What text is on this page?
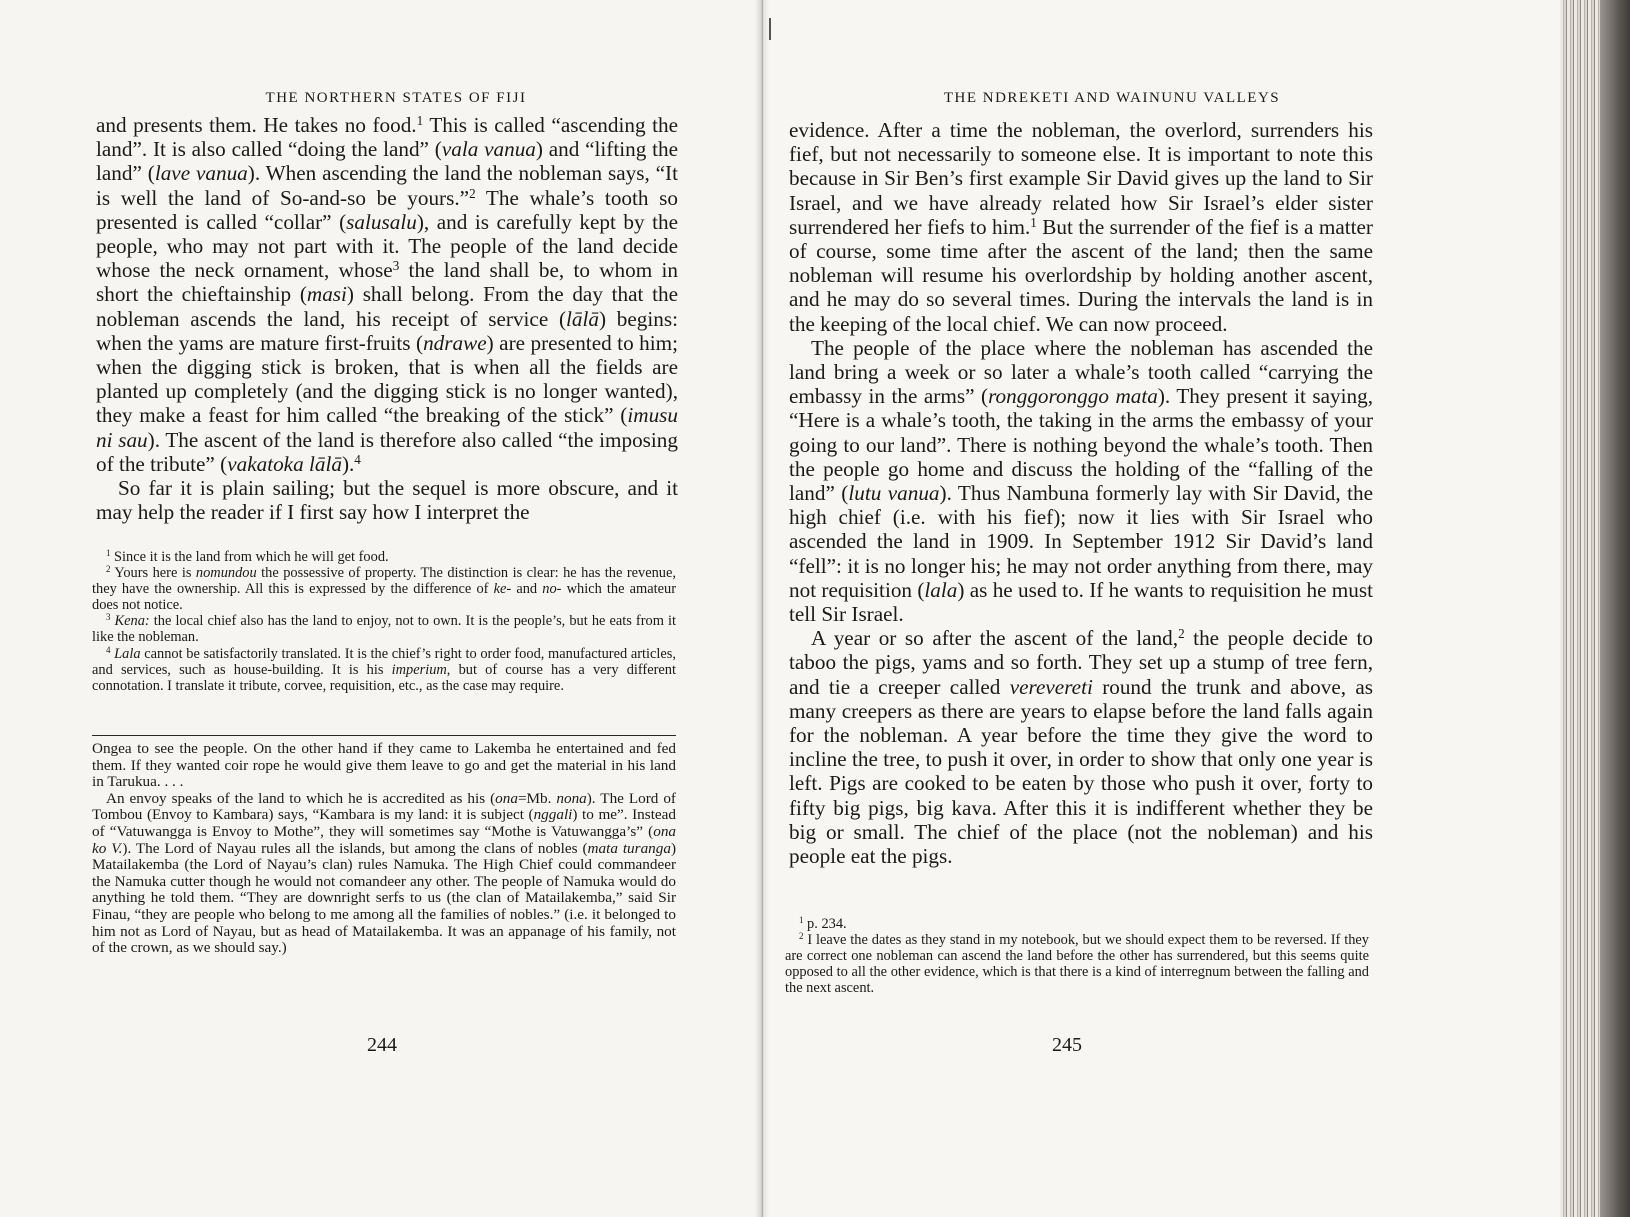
THE NORTHERN STATES OF FIJI

and presents them. He takes no food.$^1$ This is called “ascending the land”. It is also called “doing the land” (vala vanua) and “lifting the land” (lave vanua). When ascending the land the nobleman says, “It is well the land of So-and-so be yours.”$^2$ The whale’s tooth so presented is called “collar” (salusalu), and is carefully kept by the people, who may not part with it. The people of the land decide whose the neck ornament, whose$^3$ the land shall be, to whom in short the chieftainship (masi) shall belong. From the day that the nobleman ascends the land, his receipt of service (lālā) begins: when the yams are mature first-fruits (ndrawe) are presented to him; when the digging stick is broken, that is when all the fields are planted up completely (and the digging stick is no longer wanted), they make a feast for him called “the breaking of the stick” (imusu ni sau). The ascent of the land is therefore also called “the imposing of the tribute” (vakatoka lālā).$^4$

So far it is plain sailing; but the sequel is more obscure, and it may help the reader if I first say how I interpret the

$^1$ Since it is the land from which he will get food.

$^2$ Yours here is nomundou the possessive of property. The distinction is clear: he has the revenue, they have the ownership. All this is expressed by the difference of ke- and no- which the amateur does not notice.

$^3$ Kena: the local chief also has the land to enjoy, not to own. It is the people’s, but he eats from it like the nobleman.

$^4$ Lala cannot be satisfactorily translated. It is the chief’s right to order food, manufactured articles, and services, such as house-building. It is his imperium, but of course has a very different connotation. I translate it tribute, corvee, requisition, etc., as the case may require.

Ongea to see the people. On the other hand if they came to Lakemba he entertained and fed them. If they wanted coir rope he would give them leave to go and get the material in his land in Tarukua. . . .

An envoy speaks of the land to which he is accredited as his (ona=Mb. nona). The Lord of Tombou (Envoy to Kambara) says, “Kambara is my land: it is subject (nggali) to me”. Instead of “Vatuwangga is Envoy to Mothe”, they will sometimes say “Mothe is Vatuwangga’s” (ona ko V.). The Lord of Nayau rules all the islands, but among the clans of nobles (mata turanga) Matailakemba (the Lord of Nayau’s clan) rules Namuka. The High Chief could commandeer the Namuka cutter though he would not comandeer any other. The people of Namuka would do anything he told them. “They are downright serfs to us (the clan of Matailakemba,” said Sir Finau, “they are people who belong to me among all the families of nobles.” (i.e. it belonged to him not as Lord of Nayau, but as head of Matailakemba. It was an appanage of his family, not of the crown, as we should say.)

244

THE NDREKETI AND WAINUNU VALLEYS

evidence. After a time the nobleman, the overlord, surrenders his fief, but not necessarily to someone else. It is important to note this because in Sir Ben’s first example Sir David gives up the land to Sir Israel, and we have already related how Sir Israel’s elder sister surrendered her fiefs to him.$^1$ But the surrender of the fief is a matter of course, some time after the ascent of the land; then the same nobleman will resume his overlordship by holding another ascent, and he may do so several times. During the intervals the land is in the keeping of the local chief. We can now proceed.

The people of the place where the nobleman has ascended the land bring a week or so later a whale’s tooth called “carrying the embassy in the arms” (ronggoronggo mata). They present it saying, “Here is a whale’s tooth, the taking in the arms the embassy of your going to our land”. There is nothing beyond the whale’s tooth. Then the people go home and discuss the holding of the “falling of the land” (lutu vanua). Thus Nambuna formerly lay with Sir David, the high chief (i.e. with his fief); now it lies with Sir Israel who ascended the land in 1909. In September 1912 Sir David’s land “fell”: it is no longer his; he may not order anything from there, may not requisition (lala) as he used to. If he wants to requisition he must tell Sir Israel.

A year or so after the ascent of the land,$^2$ the people decide to taboo the pigs, yams and so forth. They set up a stump of tree fern, and tie a creeper called verevereti round the trunk and above, as many creepers as there are years to elapse before the land falls again for the nobleman. A year before the time they give the word to incline the tree, to push it over, in order to show that only one year is left. Pigs are cooked to be eaten by those who push it over, forty to fifty big pigs, big kava. After this it is indifferent whether they be big or small. The chief of the place (not the nobleman) and his people eat the pigs.

$^1$ p. 234.

$^2$ I leave the dates as they stand in my notebook, but we should expect them to be reversed. If they are correct one nobleman can ascend the land before the other has surrendered, but this seems quite opposed to all the other evidence, which is that there is a kind of interregnum between the falling and the next ascent.

245
